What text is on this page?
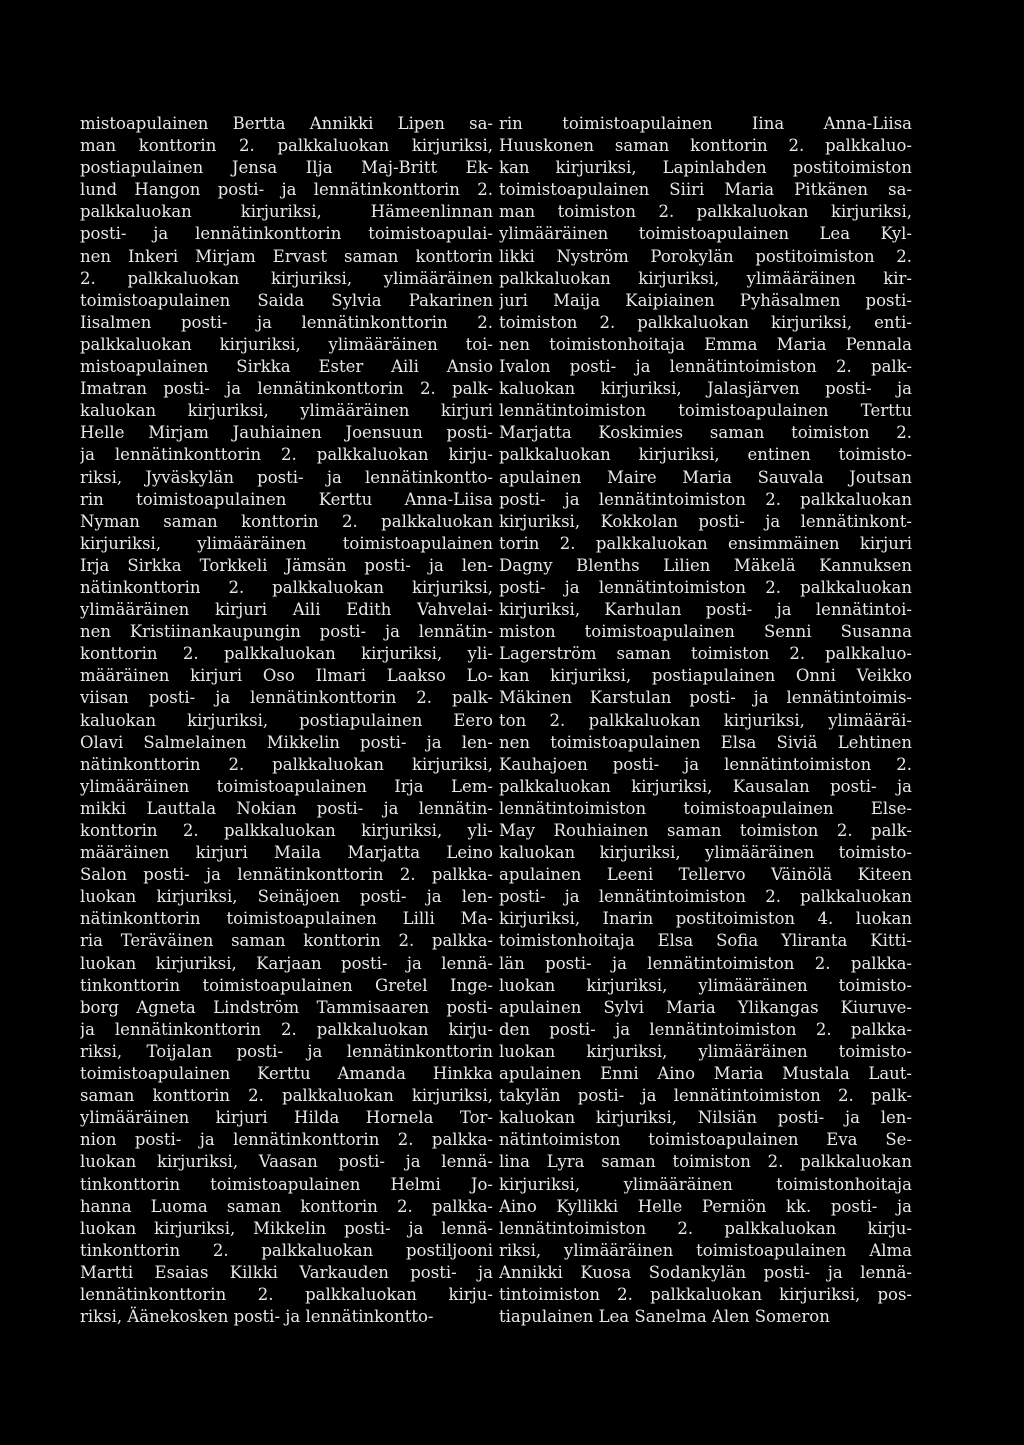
mistoapulainen Bertta Annikki Lipen sa-
man konttorin 2. palkkaluokan kirjuriksi,
postiapulainen Jensa Ilja Maj-Britt Ek-
lund Hangon posti- ja lennätinkonttorin 2.
palkkaluokan kirjuriksi, Hämeenlinnan
posti- ja lennätinkonttorin toimistoapulai-
nen Inkeri Mirjam Ervast saman konttorin
2. palkkaluokan kirjuriksi, ylimääräinen
toimistoapulainen Saida Sylvia Pakarinen
Iisalmen posti- ja lennätinkonttorin 2.
palkkaluokan kirjuriksi, ylimääräinen toi-
mistoapulainen Sirkka Ester Aili Ansio
Imatran posti- ja lennätinkonttorin 2. palk-
kaluokan kirjuriksi, ylimääräinen kirjuri
Helle Mirjam Jauhiainen Joensuun posti-
ja lennätinkonttorin 2. palkkaluokan kirju-
riksi, Jyväskylän posti- ja lennätinkontto-
rin toimistoapulainen Kerttu Anna-Liisa
Nyman saman konttorin 2. palkkaluokan
kirjuriksi, ylimääräinen toimistoapulainen
Irja Sirkka Torkkeli Jämsän posti- ja len-
nätinkonttorin 2. palkkaluokan kirjuriksi,
ylimääräinen kirjuri Aili Edith Vahvelai-
nen Kristiinankaupungin posti- ja lennätin-
konttorin 2. palkkaluokan kirjuriksi, yli-
määräinen kirjuri Oso Ilmari Laakso Lo-
viisan posti- ja lennätinkonttorin 2. palk-
kaluokan kirjuriksi, postiapulainen Eero
Olavi Salmelainen Mikkelin posti- ja len-
nätinkonttorin 2. palkkaluokan kirjuriksi,
ylimääräinen toimistoapulainen Irja Lem-
mikki Lauttala Nokian posti- ja lennätin-
konttorin 2. palkkaluokan kirjuriksi, yli-
määräinen kirjuri Maila Marjatta Leino
Salon posti- ja lennätinkonttorin 2. palkka-
luokan kirjuriksi, Seinäjoen posti- ja len-
nätinkonttorin toimistoapulainen Lilli Ma-
ria Teräväinen saman konttorin 2. palkka-
luokan kirjuriksi, Karjaan posti- ja lennä-
tinkonttorin toimistoapulainen Gretel Inge-
borg Agneta Lindström Tammisaaren posti-
ja lennätinkonttorin 2. palkkaluokan kirju-
riksi, Toijalan posti- ja lennätinkonttorin
toimistoapulainen Kerttu Amanda Hinkka
saman konttorin 2. palkkaluokan kirjuriksi,
ylimääräinen kirjuri Hilda Hornela Tor-
nion posti- ja lennätinkonttorin 2. palkka-
luokan kirjuriksi, Vaasan posti- ja lennä-
tinkonttorin toimistoapulainen Helmi Jo-
hanna Luoma saman konttorin 2. palkka-
luokan kirjuriksi, Mikkelin posti- ja lennä-
tinkonttorin 2. palkkaluokan postiljooni
Martti Esaias Kilkki Varkauden posti- ja
lennätinkonttorin 2. palkkaluokan kirju-
riksi, Äänekosken posti- ja lennätinkontto-
rin toimistoapulainen Iina Anna-Liisa
Huuskonen saman konttorin 2. palkkaluo-
kan kirjuriksi, Lapinlahden postitoimiston
toimistoapulainen Siiri Maria Pitkänen sa-
man toimiston 2. palkkaluokan kirjuriksi,
ylimääräinen toimistoapulainen Lea Kyl-
likki Nyström Porokylän postitoimiston 2.
palkkaluokan kirjuriksi, ylimääräinen kir-
juri Maija Kaipiainen Pyhäsalmen posti-
toimiston 2. palkkaluokan kirjuriksi, enti-
nen toimistonhoitaja Emma Maria Pennala
Ivalon posti- ja lennätintoimiston 2. palk-
kaluokan kirjuriksi, Jalasjärven posti- ja
lennätintoimiston toimistoapulainen Terttu
Marjatta Koskimies saman toimiston 2.
palkkaluokan kirjuriksi, entinen toimisto-
apulainen Maire Maria Sauvala Joutsan
posti- ja lennätintoimiston 2. palkkaluokan
kirjuriksi, Kokkolan posti- ja lennätinkont-
torin 2. palkkaluokan ensimmäinen kirjuri
Dagny Blenths Lilien Mäkelä Kannuksen
posti- ja lennätintoimiston 2. palkkaluokan
kirjuriksi, Karhulan posti- ja lennätintoi-
miston toimistoapulainen Senni Susanna
Lagerström saman toimiston 2. palkkaluo-
kan kirjuriksi, postiapulainen Onni Veikko
Mäkinen Karstulan posti- ja lennätintoimis-
ton 2. palkkaluokan kirjuriksi, ylimääräi-
nen toimistoapulainen Elsa Siviä Lehtinen
Kauhajoen posti- ja lennätintoimiston 2.
palkkaluokan kirjuriksi, Kausalan posti- ja
lennätintoimiston toimistoapulainen Else-
May Rouhiainen saman toimiston 2. palk-
kaluokan kirjuriksi, ylimääräinen toimisto-
apulainen Leeni Tellervo Väinölä Kiteen
posti- ja lennätintoimiston 2. palkkaluokan
kirjuriksi, Inarin postitoimiston 4. luokan
toimistonhoitaja Elsa Sofia Yliranta Kitti-
län posti- ja lennätintoimiston 2. palkka-
luokan kirjuriksi, ylimääräinen toimisto-
apulainen Sylvi Maria Ylikangas Kiuruve-
den posti- ja lennätintoimiston 2. palkka-
luokan kirjuriksi, ylimääräinen toimisto-
apulainen Enni Aino Maria Mustala Laut-
takylän posti- ja lennätintoimiston 2. palk-
kaluokan kirjuriksi, Nilsiän posti- ja len-
nätintoimiston toimistoapulainen Eva Se-
lina Lyra saman toimiston 2. palkkaluokan
kirjuriksi, ylimääräinen toimistonhoitaja
Aino Kyllikki Helle Perniön kk. posti- ja
lennätintoimiston 2. palkkaluokan kirju-
riksi, ylimääräinen toimistoapulainen Alma
Annikki Kuosa Sodankylän posti- ja lennä-
tintoimiston 2. palkkaluokan kirjuriksi, pos-
tiapulainen Lea Sanelma Alen Someron
